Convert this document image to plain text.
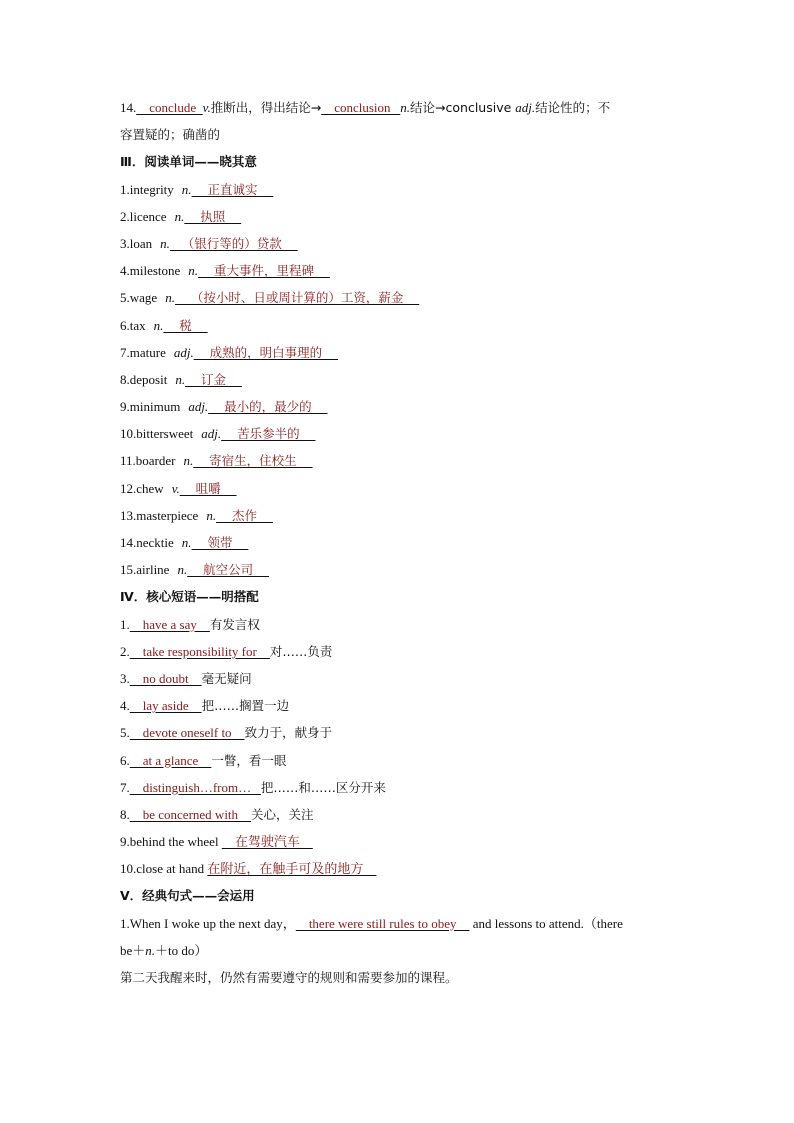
14.    conclude  v.推断出，得出结论→    conclusion   n.结论→conclusive adj.结论性的；不
容置疑的；确凿的
Ⅲ．阅读单词——晓其意
1.integrity n.    正直诚实
2.licence n.    执照
3.loan n.   （银行等的）贷款
4.milestone n.    重大事件，里程碑
5.wage n.    （按小时、日或周计算的）工资，薪金
6.tax n.    税
7.mature adj.    成熟的，明白事理的
8.deposit n.    订金
9.minimum adj.    最小的，最少的
10.bittersweet adj.    苦乐参半的
11.boarder n.    寄宿生，住校生
12.chew v.    咀嚼
13.masterpiece n.    杰作
14.necktie n.    领带
15.airline n.    航空公司
Ⅳ．核心短语——明搭配
1.    have a say    有发言权
2.    take responsibility for    对……负责
3.    no doubt    毫无疑问
4.    lay aside    把……搁置一边
5.    devote oneself to    致力于，献身于
6.    at a glance    一瞥，看一眼
7.    distinguish…from…   把……和……区分开来
8.    be concerned with    关心，关注
9.behind the wheel     在驾驶汽车
10.close at hand 在附近，在触手可及的地方
Ⅴ．经典句式——会运用
1.When I woke up the next day，    there were still rules to obey     and lessons to attend.（there
be＋n.＋to do）
第二天我醒来时，仍然有需要遵守的规则和需要参加的课程。
